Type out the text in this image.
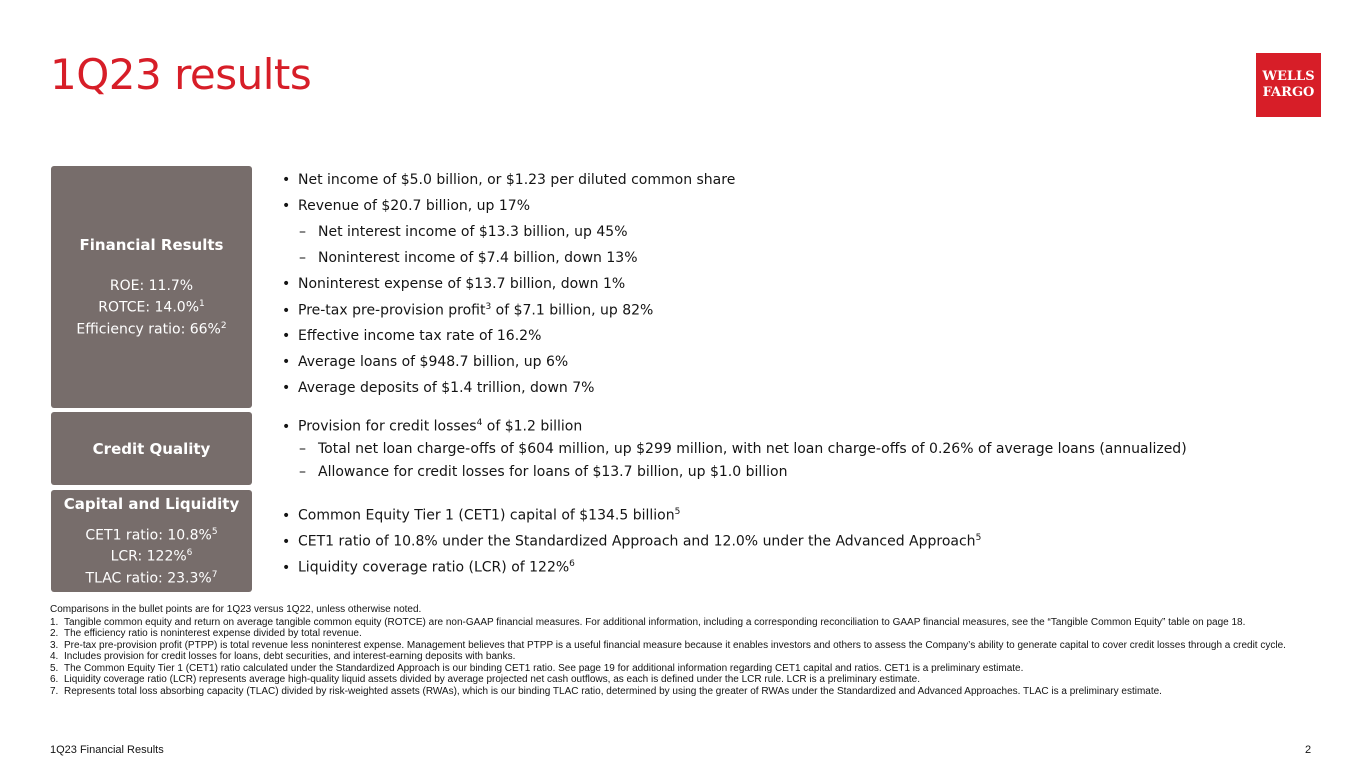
1Q23 results	WELLS
FARGO
Financial Results
ROE: 11.7%
ROTCE: 14.0%$^1$
Efficiency ratio: 66%$^2$
Credit Quality
Capital and Liquidity
CET1 ratio: 10.8%$^5$
LCR: 122%$^6$
TLAC ratio: 23.3%$^7$
• Net income of $5.0 billion, or $1.23 per diluted common share
• Revenue of $20.7 billion, up 17%
– Net interest income of $13.3 billion, up 45%
– Noninterest income of $7.4 billion, down 13%
• Noninterest expense of $13.7 billion, down 1%
• Pre-tax pre-provision profit$^3$ of $7.1 billion, up 82%
• Effective income tax rate of 16.2%
• Average loans of $948.7 billion, up 6%
• Average deposits of $1.4 trillion, down 7%
• Provision for credit losses$^4$ of $1.2 billion
– Total net loan charge-offs of $604 million, up $299 million, with net loan charge-offs of 0.26% of average loans (annualized)
– Allowance for credit losses for loans of $13.7 billion, up $1.0 billion
• Common Equity Tier 1 (CET1) capital of $134.5 billion$^5$
• CET1 ratio of 10.8% under the Standardized Approach and 12.0% under the Advanced Approach$^5$
• Liquidity coverage ratio (LCR) of 122%$^6$
Comparisons in the bullet points are for 1Q23 versus 1Q22, unless otherwise noted.
1. Tangible common equity and return on average tangible common equity (ROTCE) are non-GAAP financial measures. For additional information, including a corresponding reconciliation to GAAP financial measures, see the “Tangible Common Equity” table on page 18.
2. The efficiency ratio is noninterest expense divided by total revenue.
3. Pre-tax pre-provision profit (PTPP) is total revenue less noninterest expense. Management believes that PTPP is a useful financial measure because it enables investors and others to assess the Company’s ability to generate capital to cover credit losses through a credit cycle.
4. Includes provision for credit losses for loans, debt securities, and interest-earning deposits with banks.
5. The Common Equity Tier 1 (CET1) ratio calculated under the Standardized Approach is our binding CET1 ratio. See page 19 for additional information regarding CET1 capital and ratios. CET1 is a preliminary estimate.
6. Liquidity coverage ratio (LCR) represents average high-quality liquid assets divided by average projected net cash outflows, as each is defined under the LCR rule. LCR is a preliminary estimate.
7. Represents total loss absorbing capacity (TLAC) divided by risk-weighted assets (RWAs), which is our binding TLAC ratio, determined by using the greater of RWAs under the Standardized and Advanced Approaches. TLAC is a preliminary estimate.
1Q23 Financial Results	2
